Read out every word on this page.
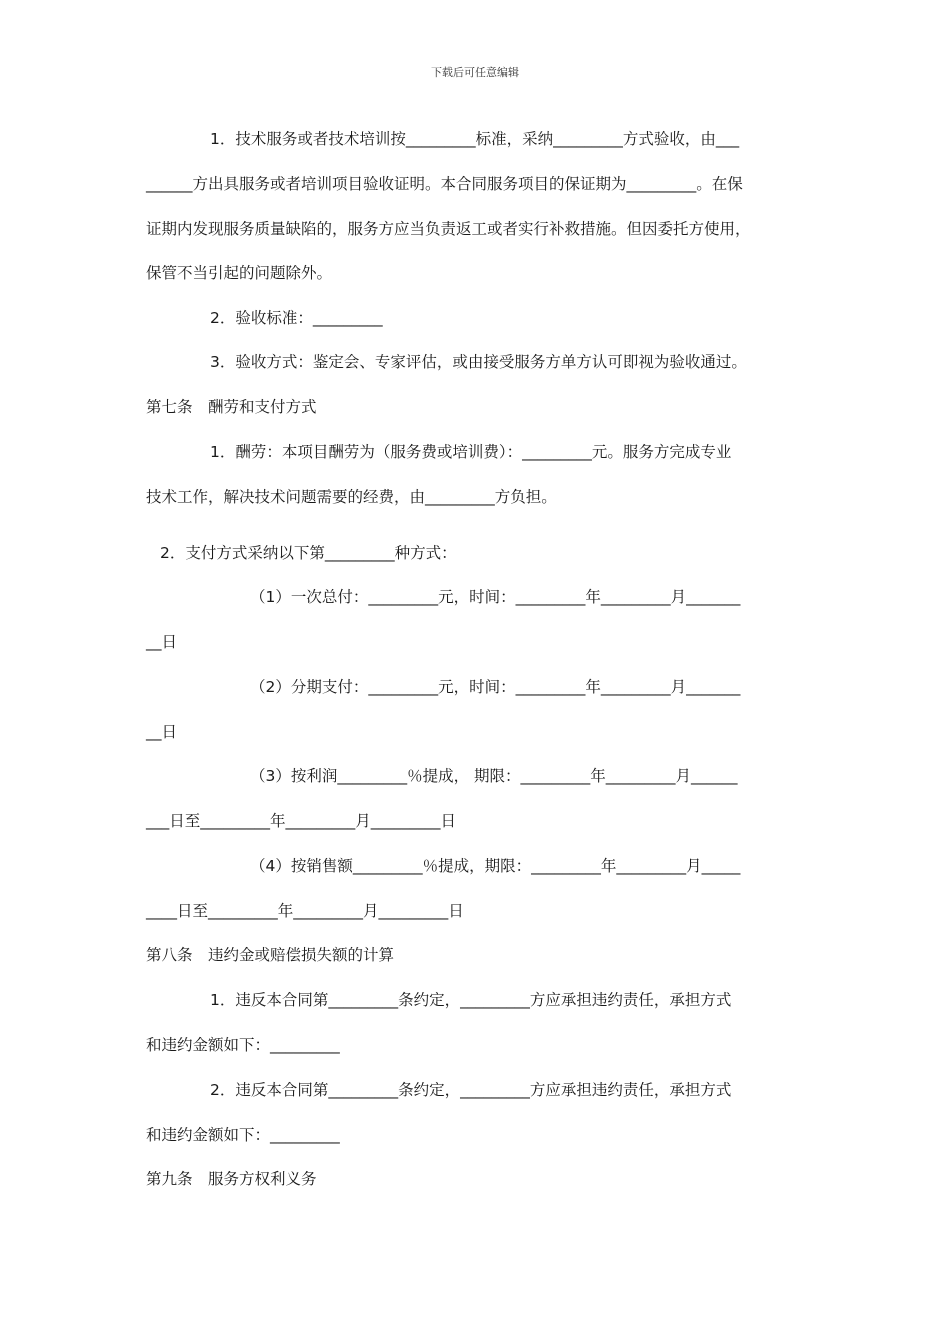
下载后可任意编辑
1．技术服务或者技术培训按_________标准，采纳_________方式验收，由___
______方出具服务或者培训项目验收证明。本合同服务项目的保证期为_________。在保
证期内发现服务质量缺陷的，服务方应当负责返工或者实行补救措施。但因委托方使用，
保管不当引起的问题除外。
2．验收标准：_________
3．验收方式：鉴定会、专家评估，或由接受服务方单方认可即视为验收通过。
第七条　酬劳和支付方式
1．酬劳：本项目酬劳为（服务费或培训费）：_________元。服务方完成专业
技术工作，解决技术问题需要的经费，由_________方负担。
2．支付方式采纳以下第_________种方式：
（1）一次总付：_________元，时间：_________年_________月_______
__日
（2）分期支付：_________元，时间：_________年_________月_______
__日
（3）按利润_________％提成， 期限：_________年_________月______
___日至_________年_________月_________日
（4）按销售额_________％提成，期限：_________年_________月_____
____日至_________年_________月_________日
第八条　违约金或赔偿损失额的计算
1．违反本合同第_________条约定，_________方应承担违约责任，承担方式
和违约金额如下：_________
2．违反本合同第_________条约定，_________方应承担违约责任，承担方式
和违约金额如下：_________
第九条　服务方权利义务
